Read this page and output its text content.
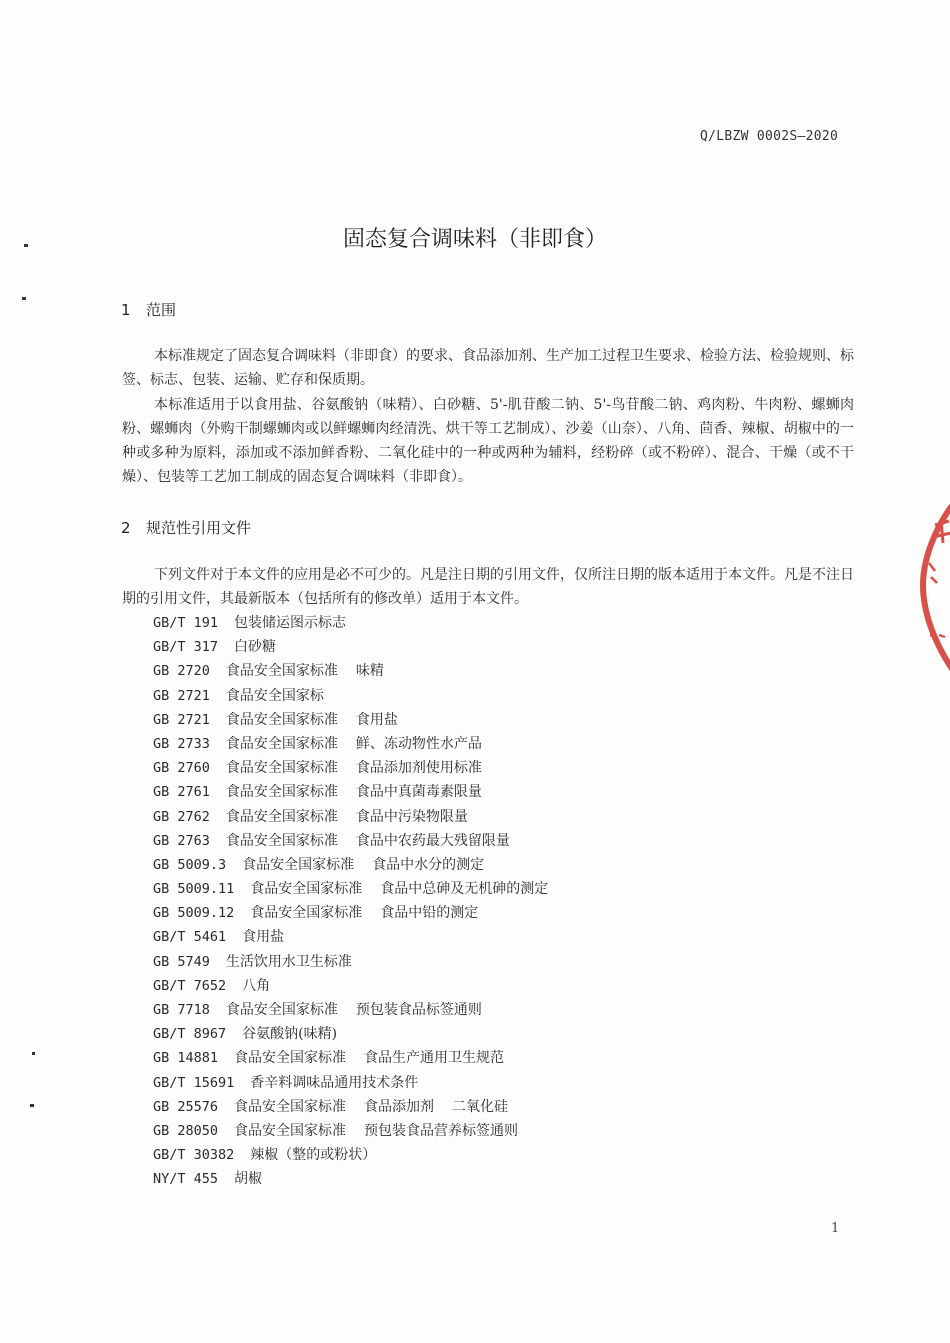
Q/LBZW 0002S—2020
固态复合调味料（非即食）
1 范围
本标准规定了固态复合调味料（非即食）的要求、食品添加剂、生产加工过程卫生要求、检验方法、检验规则、标签、标志、包装、运输、贮存和保质期。
本标准适用于以食用盐、谷氨酸钠（味精）、白砂糖、5'-肌苷酸二钠、5'-鸟苷酸二钠、鸡肉粉、牛肉粉、螺蛳肉粉、螺蛳肉（外购干制螺蛳肉或以鲜螺蛳肉经清洗、烘干等工艺制成）、沙姜（山奈）、八角、茴香、辣椒、胡椒中的一种或多种为原料，添加或不添加鲜香粉、二氧化硅中的一种或两种为辅料，经粉碎（或不粉碎）、混合、干燥（或不干燥）、包装等工艺加工制成的固态复合调味料（非即食）。
2 规范性引用文件
下列文件对于本文件的应用是必不可少的。凡是注日期的引用文件，仅所注日期的版本适用于本文件。凡是不注日期的引用文件，其最新版本（包括所有的修改单）适用于本文件。
GB/T 191 包装储运图示标志
GB/T 317 白砂糖
GB 2720 食品安全国家标准 味精
GB 2721 食品安全国家标
GB 2721 食品安全国家标准 食用盐
GB 2733 食品安全国家标准 鲜、冻动物性水产品
GB 2760 食品安全国家标准 食品添加剂使用标准
GB 2761 食品安全国家标准 食品中真菌毒素限量
GB 2762 食品安全国家标准 食品中污染物限量
GB 2763 食品安全国家标准 食品中农药最大残留限量
GB 5009.3 食品安全国家标准 食品中水分的测定
GB 5009.11 食品安全国家标准 食品中总砷及无机砷的测定
GB 5009.12 食品安全国家标准 食品中铅的测定
GB/T 5461 食用盐
GB 5749 生活饮用水卫生标准
GB/T 7652 八角
GB 7718 食品安全国家标准 预包装食品标签通则
GB/T 8967 谷氨酸钠(味精)
GB 14881 食品安全国家标准 食品生产通用卫生规范
GB/T 15691 香辛料调味品通用技术条件
GB 25576 食品安全国家标准 食品添加剂 二氧化硅
GB 28050 食品安全国家标准 预包装食品营养标签通则
GB/T 30382 辣椒（整的或粉状）
NY/T 455 胡椒
1
